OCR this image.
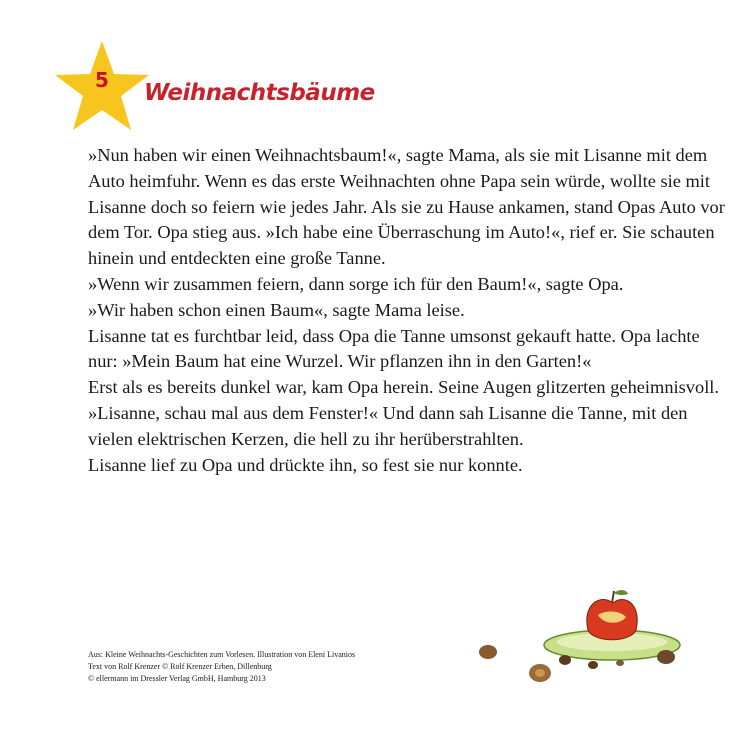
5	Weihnachtsbäume

»Nun haben wir einen Weihnachtsbaum!«, sagte Mama, als sie mit Lisanne mit dem Auto heimfuhr. Wenn es das erste Weihnachten ohne Papa sein würde, wollte sie mit Lisanne doch so feiern wie jedes Jahr. Als sie zu Hause ankamen, stand Opas Auto vor dem Tor. Opa stieg aus. »Ich habe eine Überraschung im Auto!«, rief er. Sie schauten hinein und entdeckten eine große Tanne.

»Wenn wir zusammen feiern, dann sorge ich für den Baum!«, sagte Opa.

»Wir haben schon einen Baum«, sagte Mama leise.

Lisanne tat es furchtbar leid, dass Opa die Tanne umsonst gekauft hatte. Opa lachte nur: »Mein Baum hat eine Wurzel. Wir pflanzen ihn in den Garten!«

Erst als es bereits dunkel war, kam Opa herein. Seine Augen glitzerten geheimnisvoll. »Lisanne, schau mal aus dem Fenster!« Und dann sah Lisanne die Tanne, mit den vielen elektrischen Kerzen, die hell zu ihr herüberstrahlten.

Lisanne lief zu Opa und drückte ihn, so fest sie nur konnte.

Aus: Kleine Weihnachts-Geschichten zum Vorlesen. Illustration von Eleni Livanios
Text von Rolf Krenzer © Rolf Krenzer Erben, Dillenburg
© ellermann im Dressler Verlag GmbH, Hamburg 2013
